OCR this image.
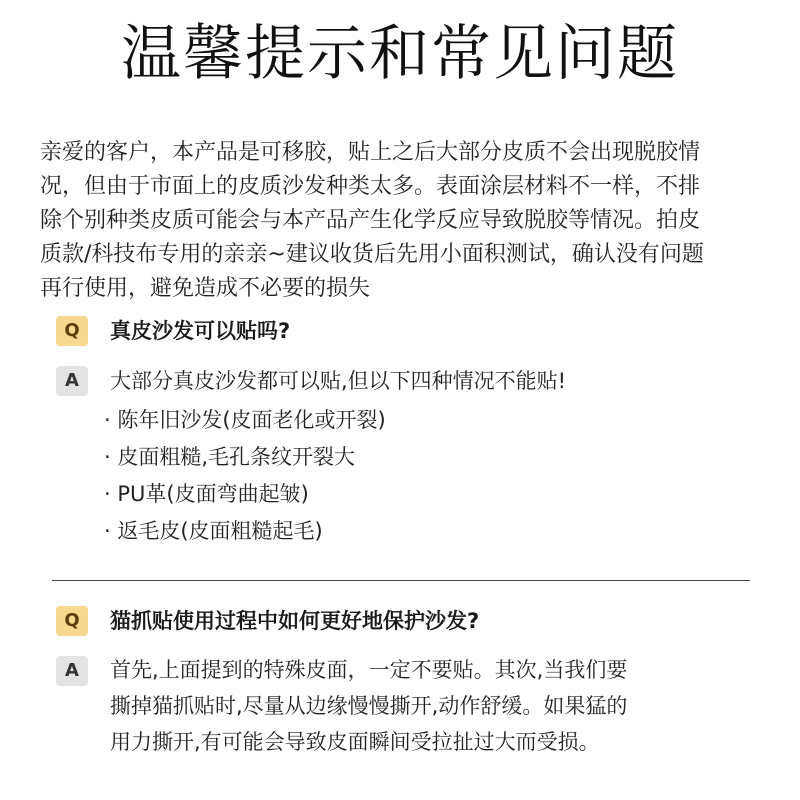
温馨提示和常见问题

亲爱的客户，本产品是可移胶，贴上之后大部分皮质不会出现脱胶情

况，但由于市面上的皮质沙发种类太多。表面涂层材料不一样，不排

除个别种类皮质可能会与本产品产生化学反应导致脱胶等情况。拍皮

质款/科技布专用的亲亲~建议收货后先用小面积测试，确认没有问题

再行使用，避免造成不必要的损失

Q	真皮沙发可以贴吗?
A	大部分真皮沙发都可以贴,但以下四种情况不能贴!

· 陈年旧沙发(皮面老化或开裂)
· 皮面粗糙,毛孔条纹开裂大
· PU革(皮面弯曲起皱)
· 返毛皮(皮面粗糙起毛)
Q	猫抓贴使用过程中如何更好地保护沙发?
A	首先,上面提到的特殊皮面，一定不要贴。其次,当我们要

撕掉猫抓贴时,尽量从边缘慢慢撕开,动作舒缓。如果猛的

用力撕开,有可能会导致皮面瞬间受拉扯过大而受损。
